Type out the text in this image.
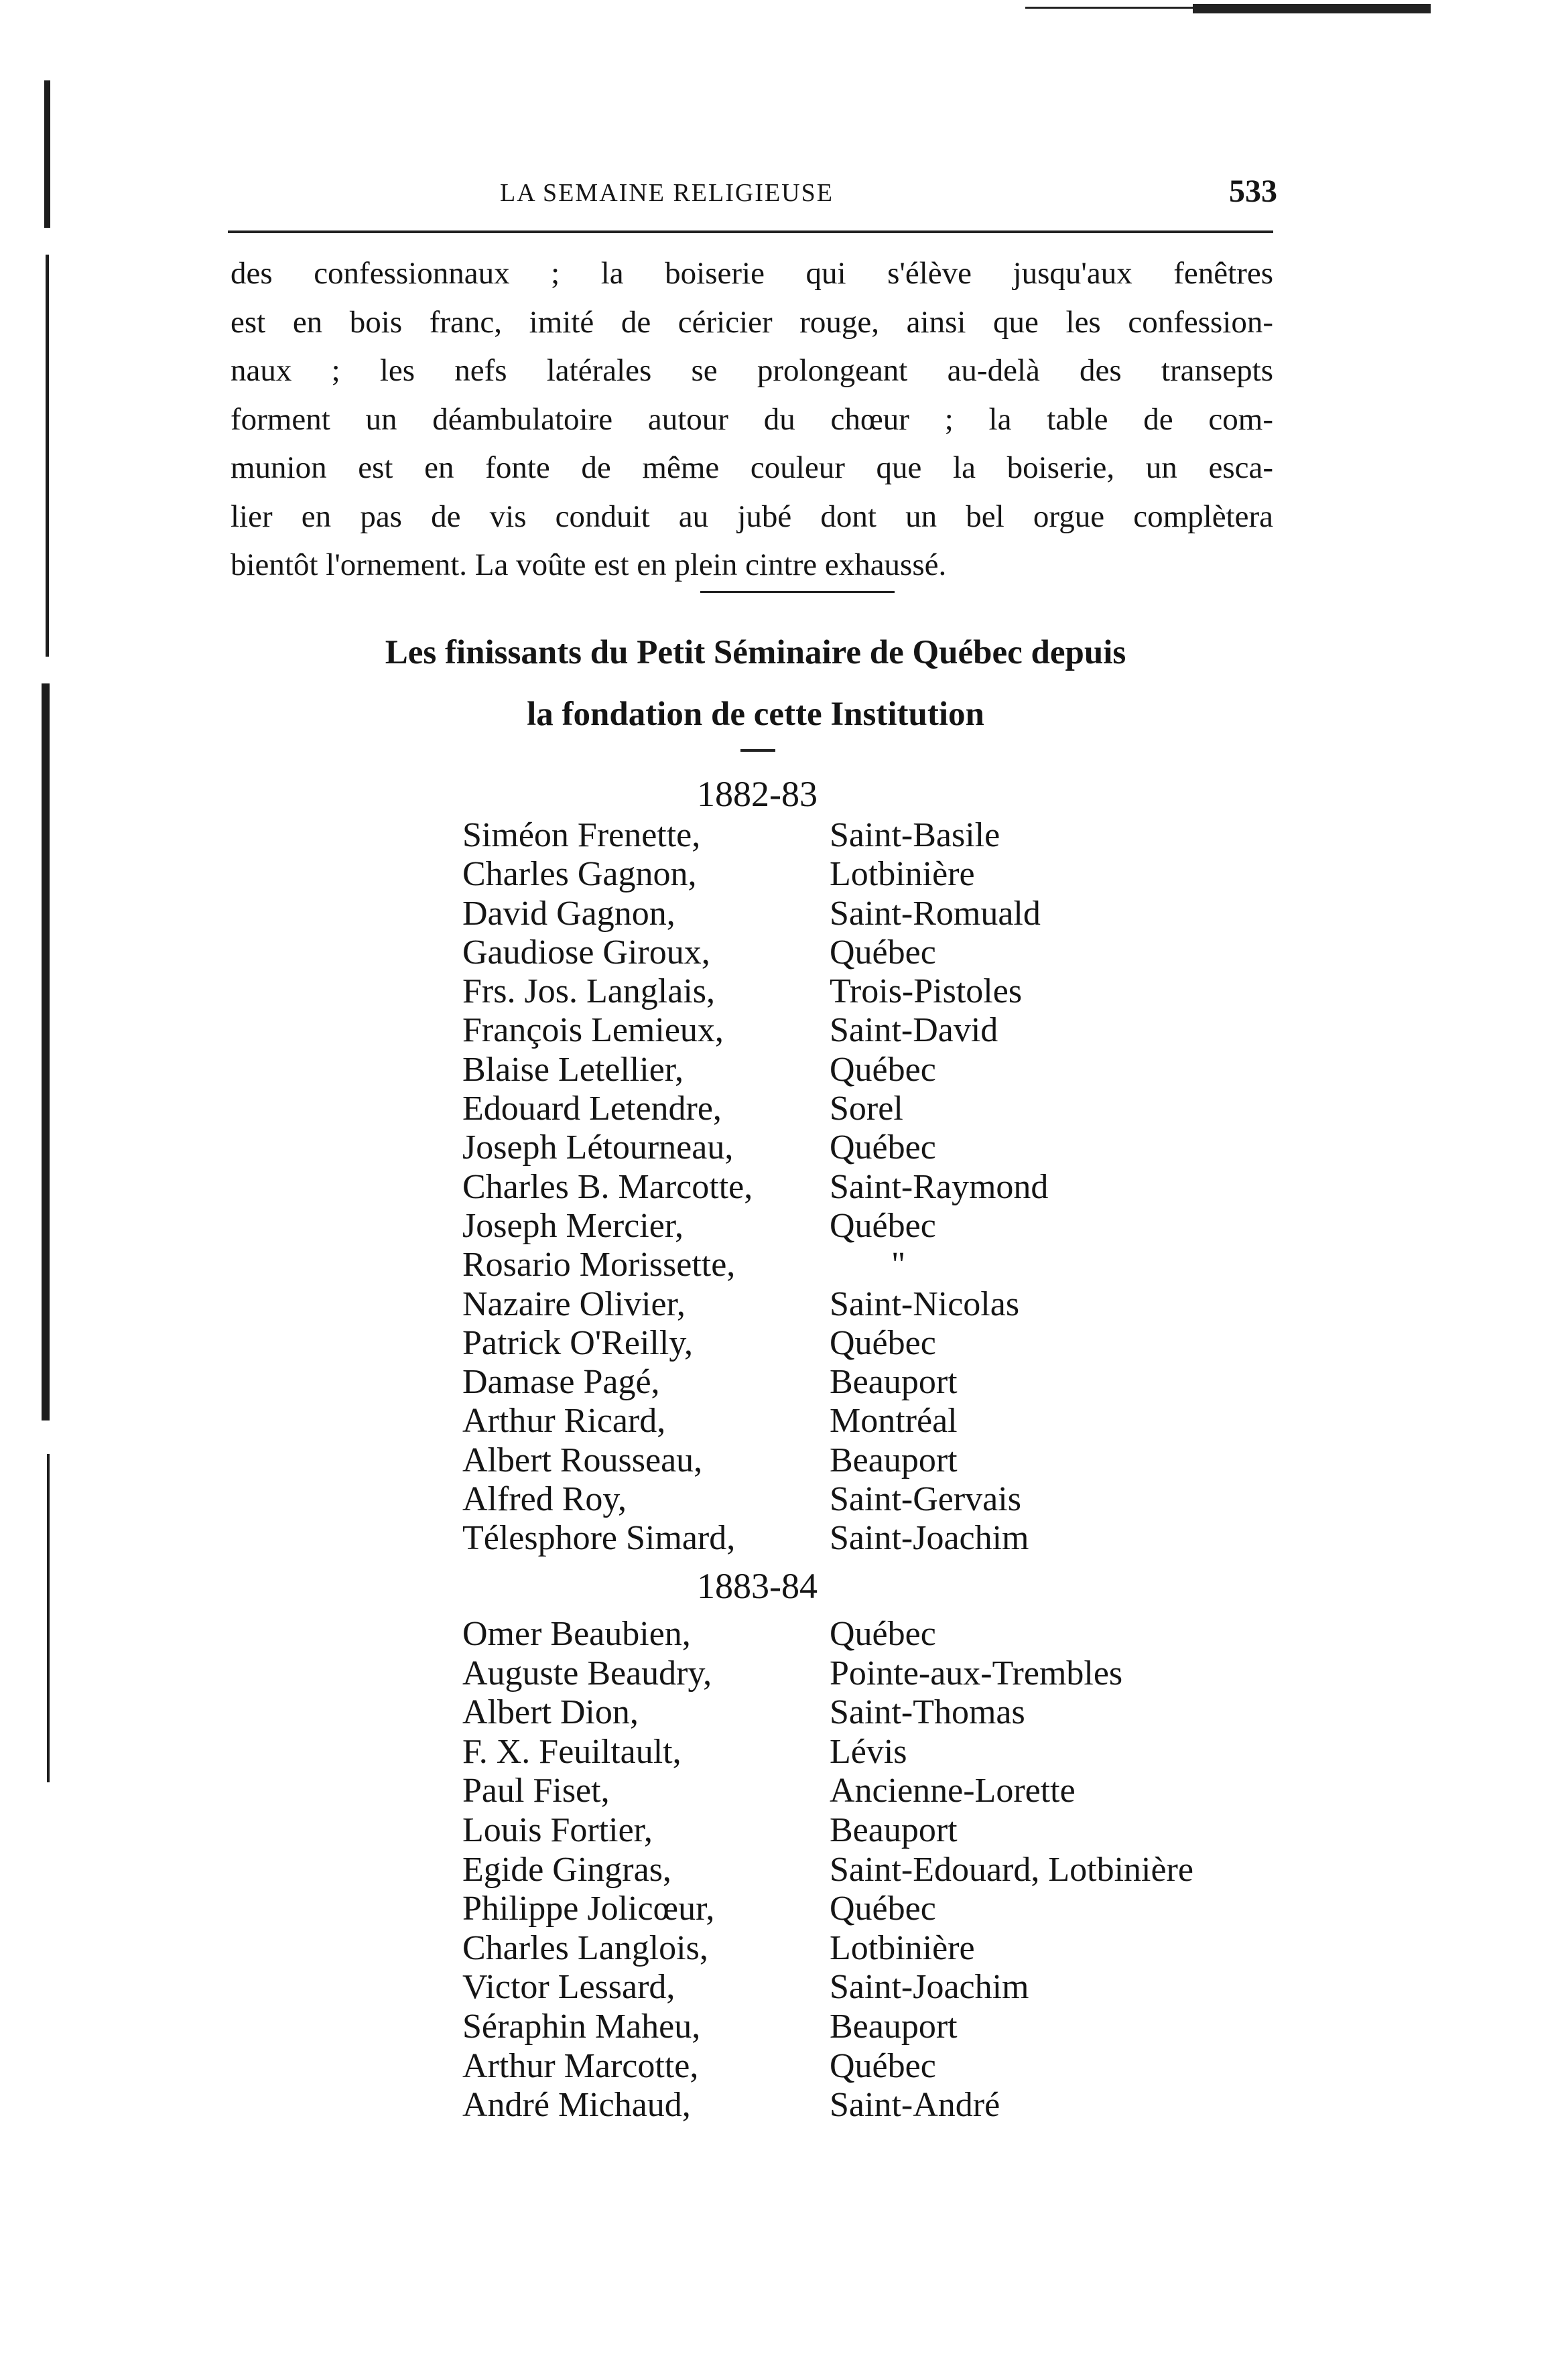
LA SEMAINE RELIGIEUSE	533
des confessionnaux ; la boiserie qui s'élève jusqu'aux fenêtres
est en bois franc, imité de céricier rouge, ainsi que les confession-
naux ; les nefs latérales se prolongeant au-delà des transepts
forment un déambulatoire autour du chœur ; la table de com-
munion est en fonte de même couleur que la boiserie, un esca-
lier en pas de vis conduit au jubé dont un bel orgue complètera
bientôt l'ornement. La voûte est en plein cintre exhaussé.
Les finissants du Petit Séminaire de Québec depuis
la fondation de cette Institution
1882-83
Siméon Frenette,	Saint-Basile
Charles Gagnon,	Lotbinière
David Gagnon,	Saint-Romuald
Gaudiose Giroux,	Québec
Frs. Jos. Langlais,	Trois-Pistoles
François Lemieux,	Saint-David
Blaise Letellier,	Québec
Edouard Letendre,	Sorel
Joseph Létourneau,	Québec
Charles B. Marcotte, Saint-Raymond
Joseph Mercier,	Québec
Rosario Morissette,	"
Nazaire Olivier,	Saint-Nicolas
Patrick O'Reilly,	Québec
Damase Pagé,	Beauport
Arthur Ricard,	Montréal
Albert Rousseau,	Beauport
Alfred Roy,	Saint-Gervais
Télesphore Simard,	Saint-Joachim
1883-84
Omer Beaubien,	Québec
Auguste Beaudry,	Pointe-aux-Trembles
Albert Dion,	Saint-Thomas
F. X. Feuiltault,	Lévis
Paul Fiset,	Ancienne-Lorette
Louis Fortier,	Beauport
Egide Gingras,	Saint-Edouard, Lotbinière
Philippe Jolicœur,	Québec
Charles Langlois,	Lotbinière
Victor Lessard,	Saint-Joachim
Séraphin Maheu,	Beauport
Arthur Marcotte,	Québec
André Michaud,	Saint-André
